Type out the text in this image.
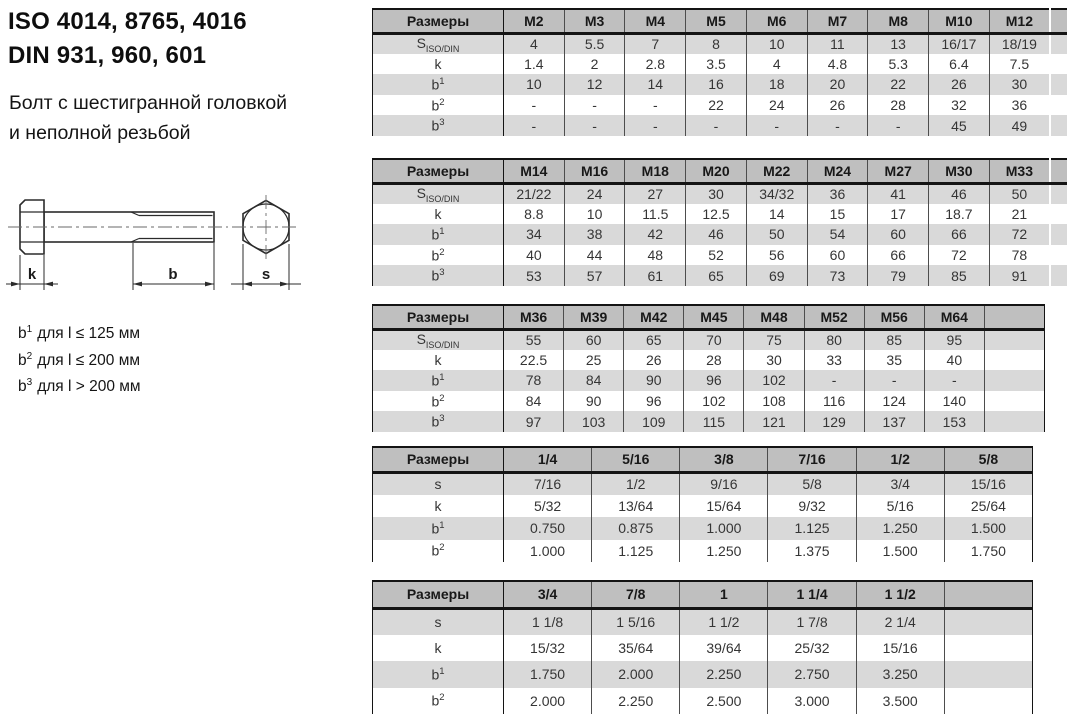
ISO 4014, 8765, 4016
DIN 931, 960, 601
Болт с шестигранной головкой
и неполной резьбой
k	b	s
$b^1$ для l ≤ 125 мм
$b^2$ для l ≤ 200 мм
$b^3$ для l > 200 мм
Размеры	M2	M3	M4	M5	M6	M7	M8	M10	M12	
$S_{ISO/DIN}$	4	5.5	7	8	10	11	13	16/17	18/19	
k	1.4	2	2.8	3.5	4	4.8	5.3	6.4	7.5	
$b^1$	10	12	14	16	18	20	22	26	30	
$b^2$	-	-	-	22	24	26	28	32	36	
$b^3$	-	-	-	-	-	-	-	45	49	
Размеры	M14	M16	M18	M20	M22	M24	M27	M30	M33	
$S_{ISO/DIN}$	21/22	24	27	30	34/32	36	41	46	50	
k	8.8	10	11.5	12.5	14	15	17	18.7	21	
$b^1$	34	38	42	46	50	54	60	66	72	
$b^2$	40	44	48	52	56	60	66	72	78	
$b^3$	53	57	61	65	69	73	79	85	91	
Размеры	M36	M39	M42	M45	M48	M52	M56	M64	
$S_{ISO/DIN}$	55	60	65	70	75	80	85	95	
k	22.5	25	26	28	30	33	35	40	
$b^1$	78	84	90	96	102	-	-	-	
$b^2$	84	90	96	102	108	116	124	140	
$b^3$	97	103	109	115	121	129	137	153	
Размеры	1/4	5/16	3/8	7/16	1/2	5/8
s	7/16	1/2	9/16	5/8	3/4	15/16
k	5/32	13/64	15/64	9/32	5/16	25/64
$b^1$	0.750	0.875	1.000	1.125	1.250	1.500
$b^2$	1.000	1.125	1.250	1.375	1.500	1.750
Размеры	3/4	7/8	1	1 1/4	1 1/2	
s	1 1/8	1 5/16	1 1/2	1 7/8	2 1/4	
k	15/32	35/64	39/64	25/32	15/16	
$b^1$	1.750	2.000	2.250	2.750	3.250	
$b^2$	2.000	2.250	2.500	3.000	3.500	
